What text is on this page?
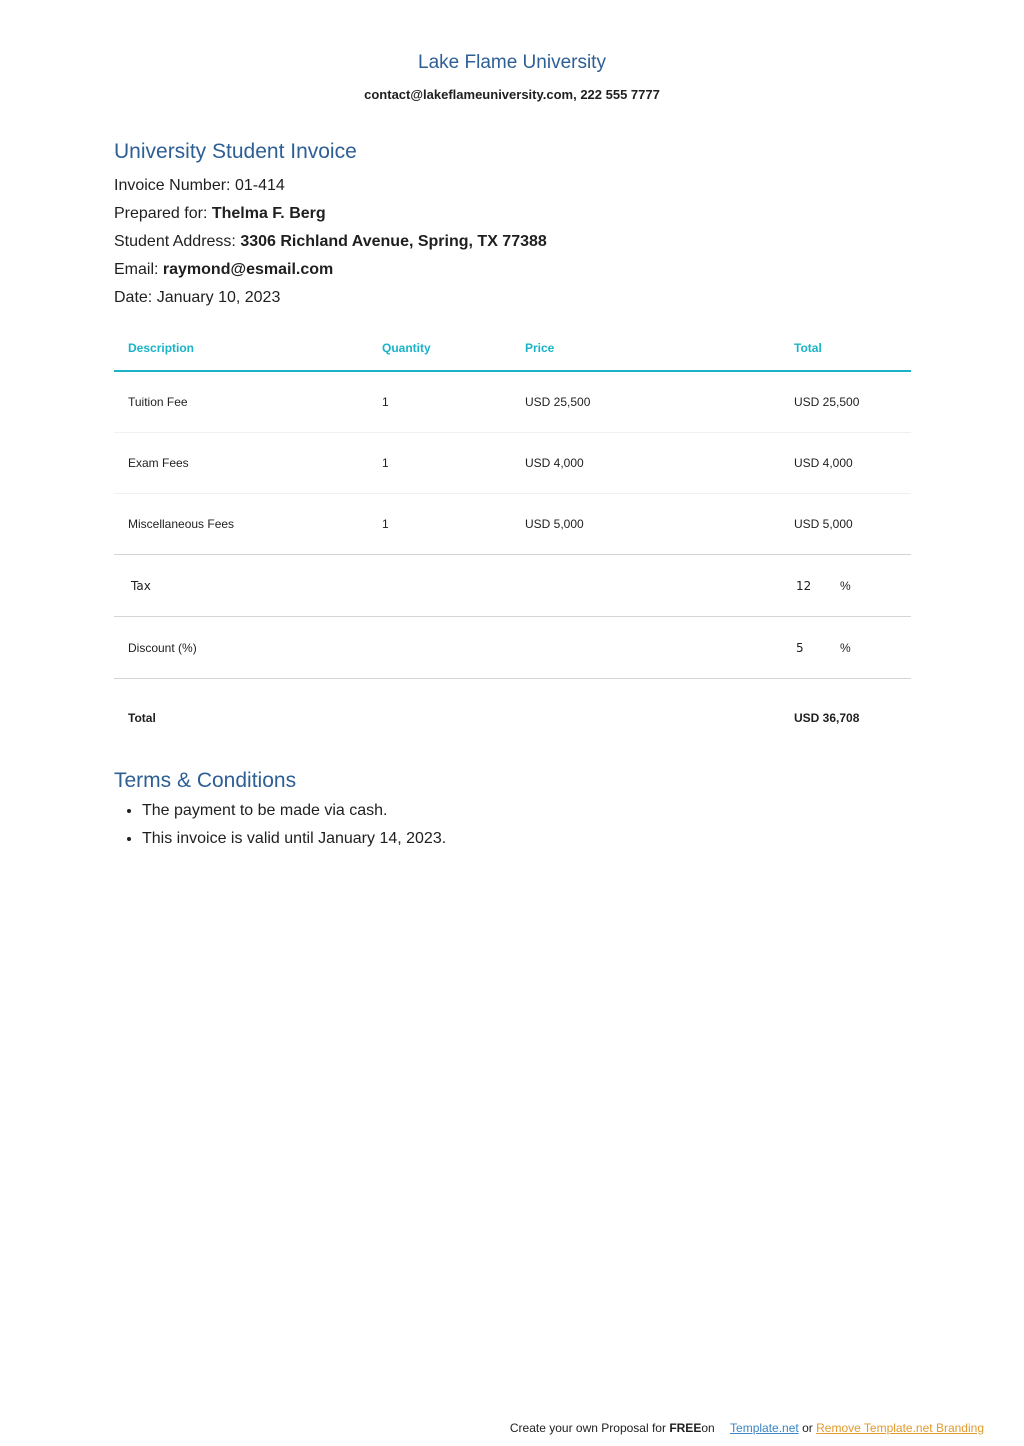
Lake Flame University
contact@lakeflameuniversity.com, 222 555 7777
University Student Invoice
Invoice Number: 01-414
Prepared for: Thelma F. Berg
Student Address: 3306 Richland Avenue, Spring, TX 77388
Email: raymond@esmail.com
Date: January 10, 2023
Description	Quantity	Price	Total
Tuition Fee	1	USD 25,500	USD 25,500
Exam Fees	1	USD 4,000	USD 4,000
Miscellaneous Fees	1	USD 5,000	USD 5,000
Tax			12 %
Discount (%)			5 %
Total			USD 36,708
Terms & Conditions
• The payment to be made via cash.
• This invoice is valid until January 14, 2023.
Create your own Proposal for FREEon Template.net or Remove Template.net Branding
